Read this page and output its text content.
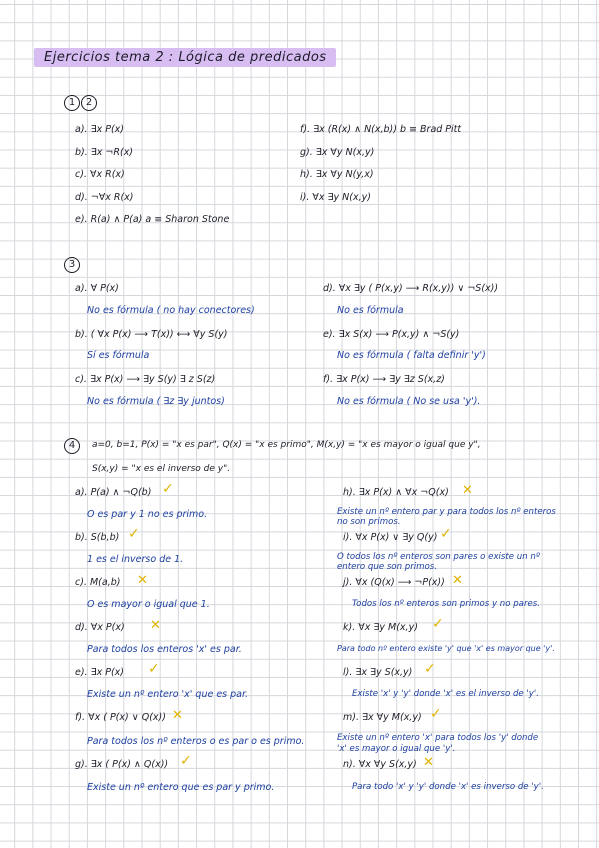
Ejercicios tema 2 : Lógica de predicados
1	2
a). ∃x P(x)
b). ∃x ¬R(x)
c). ∀x R(x)
d). ¬∀x R(x)
e). R(a) ∧ P(a) a ≡ Sharon Stone
f). ∃x (R(x) ∧ N(x,b)) b ≡ Brad Pitt
g). ∃x ∀y N(x,y)
h). ∃x ∀y N(y,x)
i). ∀x ∃y N(x,y)
3
a). ∀ P(x)
No es fórmula ( no hay conectores)
b). ( ∀x P(x) ⟶ T(x)) ⟷ ∀y S(y)
Sí es fórmula
c). ∃x P(x) ⟶ ∃y S(y) ∃ z S(z)
No es fórmula ( ∃z ∃y juntos)
d). ∀x ∃y ( P(x,y) ⟶ R(x,y)) ∨ ¬S(x))
No es fórmula
e). ∃x S(x) ⟶ P(x,y) ∧ ¬S(y)
No es fórmula ( falta definir 'y')
f). ∃x P(x) ⟶ ∃y ∃z S(x,z)
No es fórmula ( No se usa 'y').
4	a=0, b=1, P(x) = "x es par", Q(x) = "x es primo", M(x,y) = "x es mayor o igual que y",
S(x,y) = "x es el inverso de y".
a). P(a) ∧ ¬Q(b) ✓
O es par y 1 no es primo.
b). S(b,b) ✓
1 es el inverso de 1.
c). M(a,b) ✕
O es mayor o igual que 1.
d). ∀x P(x) ✕
Para todos los enteros 'x' es par.
e). ∃x P(x) ✓
Existe un nº entero 'x' que es par.
f). ∀x ( P(x) ∨ Q(x)) ✕
Para todos los nº enteros o es par o es primo.
g). ∃x ( P(x) ∧ Q(x)) ✓
Existe un nº entero que es par y primo.
h). ∃x P(x) ∧ ∀x ¬Q(x) ✕
Existe un nº entero par y para todos los nº enteros
no son primos.
i). ∀x P(x) ∨ ∃y Q(y) ✓
O todos los nº enteros son pares o existe un nº
entero que son primos.
j). ∀x (Q(x) ⟶ ¬P(x)) ✕
Todos los nº enteros son primos y no pares.
k). ∀x ∃y M(x,y) ✓
Para todo nº entero existe 'y' que 'x' es mayor que 'y'.
l). ∃x ∃y S(x,y) ✓
Existe 'x' y 'y' donde 'x' es el inverso de 'y'.
m). ∃x ∀y M(x,y) ✓
Existe un nº entero 'x' para todos los 'y' donde
'x' es mayor o igual que 'y'.
n). ∀x ∀y S(x,y) ✕
Para todo 'x' y 'y' donde 'x' es inverso de 'y'.
